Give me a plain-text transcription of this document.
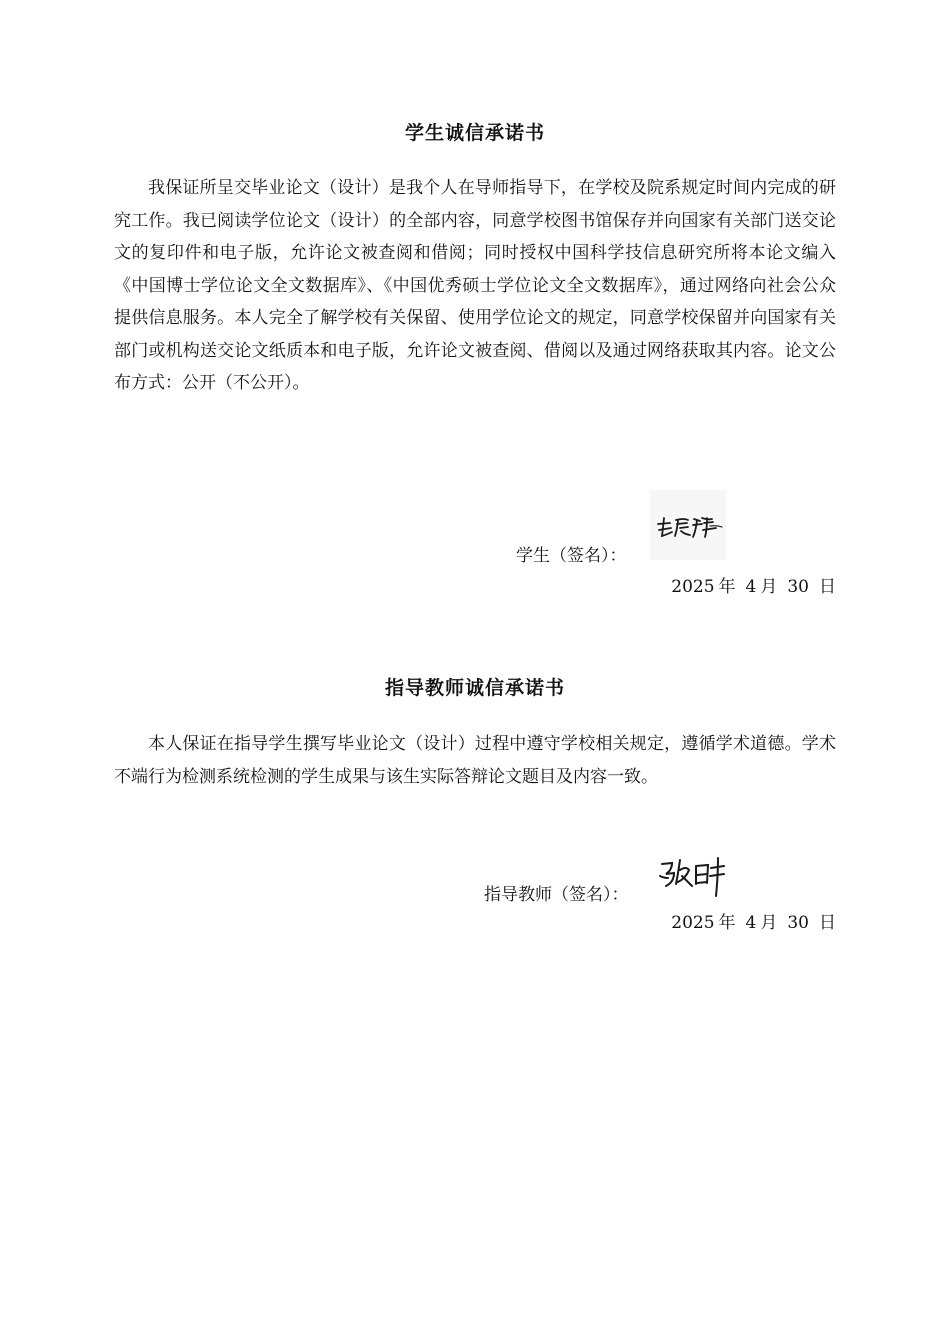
学生诚信承诺书

我保证所呈交毕业论文（设计）是我个人在导师指导下，在学校及院系规定时间内完成的研究工作。我已阅读学位论文（设计）的全部内容，同意学校图书馆保存并向国家有关部门送交论文的复印件和电子版，允许论文被查阅和借阅；同时授权中国科学技信息研究所将本论文编入《中国博士学位论文全文数据库》、《中国优秀硕士学位论文全文数据库》，通过网络向社会公众提供信息服务。本人完全了解学校有关保留、使用学位论文的规定，同意学校保留并向国家有关部门或机构送交论文纸质本和电子版，允许论文被查阅、借阅以及通过网络获取其内容。论文公布方式：公开（不公开）。

学生（签名）：
2025 年 4 月 30 日
指导教师诚信承诺书

本人保证在指导学生撰写毕业论文（设计）过程中遵守学校相关规定，遵循学术道德。学术不端行为检测系统检测的学生成果与该生实际答辩论文题目及内容一致。

指导教师（签名）：
2025 年 4 月 30 日
